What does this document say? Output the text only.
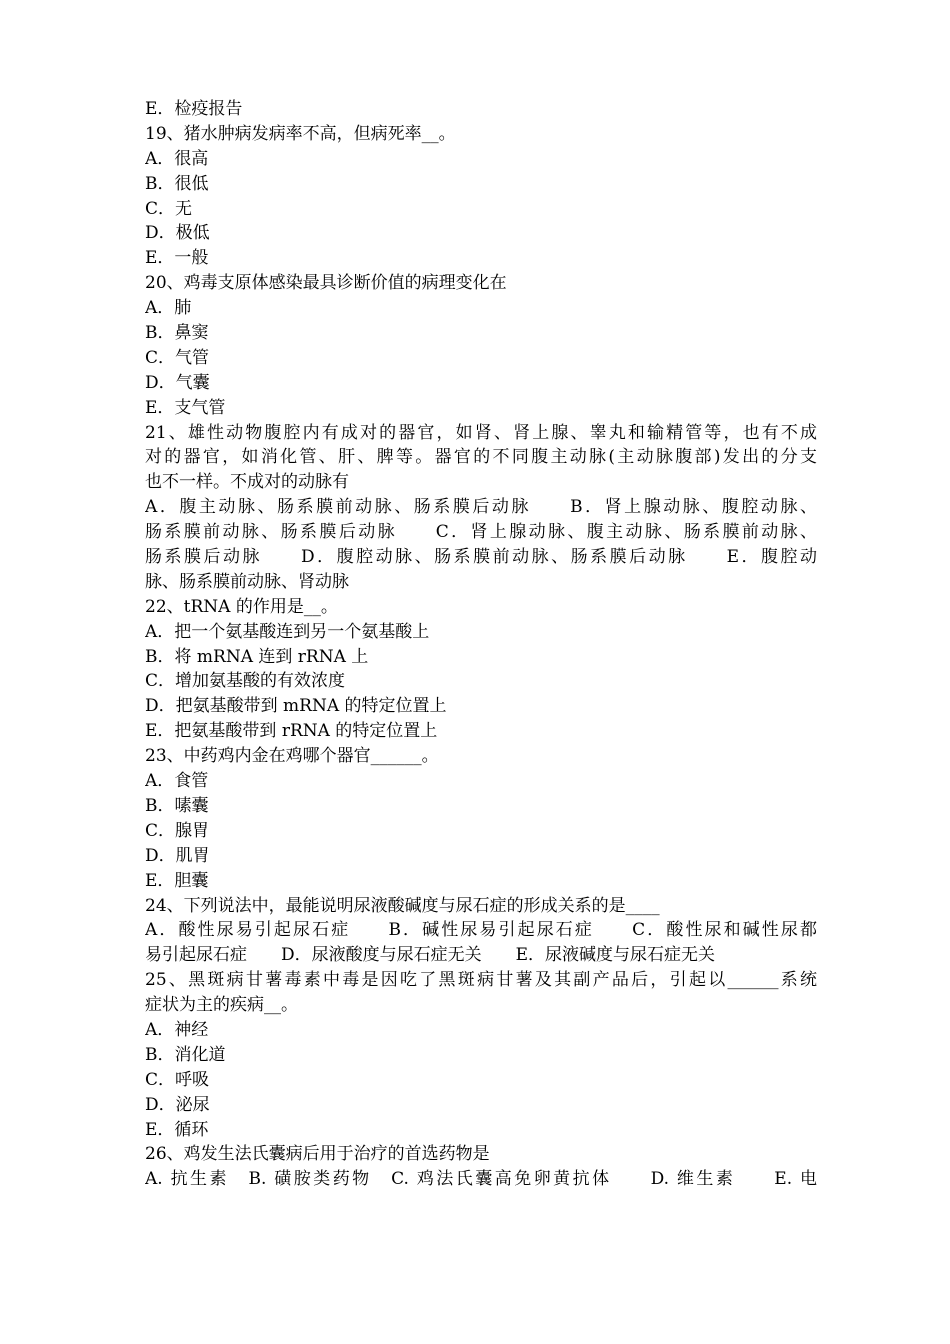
E．检疫报告
19、猪水肿病发病率不高，但病死率__。
A．很高
B．很低
C．无
D．极低
E．一般
20、鸡毒支原体感染最具诊断价值的病理变化在
A．肺
B．鼻窦
C．气管
D．气囊
E．支气管
21、雄性动物腹腔内有成对的器官，如肾、肾上腺、睾丸和输精管等，也有不成
对的器官，如消化管、肝、脾等。器官的不同腹主动脉(主动脉腹部)发出的分支
也不一样。不成对的动脉有
A．腹主动脉、肠系膜前动脉、肠系膜后动脉　　B．肾上腺动脉、腹腔动脉、
肠系膜前动脉、肠系膜后动脉　　C．肾上腺动脉、腹主动脉、肠系膜前动脉、
肠系膜后动脉　　D．腹腔动脉、肠系膜前动脉、肠系膜后动脉　　E．腹腔动
脉、肠系膜前动脉、肾动脉
22、tRNA 的作用是__。
A．把一个氨基酸连到另一个氨基酸上
B．将 mRNA 连到 rRNA 上
C．增加氨基酸的有效浓度
D．把氨基酸带到 mRNA 的特定位置上
E．把氨基酸带到 rRNA 的特定位置上
23、中药鸡内金在鸡哪个器官______。
A．食管
B．嗉囊
C．腺胃
D．肌胃
E．胆囊
24、下列说法中，最能说明尿液酸碱度与尿石症的形成关系的是____
A．酸性尿易引起尿石症　　B．碱性尿易引起尿石症　　C．酸性尿和碱性尿都
易引起尿石症　　D．尿液酸度与尿石症无关　　E．尿液碱度与尿石症无关
25、黑斑病甘薯毒素中毒是因吃了黑斑病甘薯及其副产品后，引起以______系统
症状为主的疾病__。
A．神经
B．消化道
C．呼吸
D．泌尿
E．循环
26、鸡发生法氏囊病后用于治疗的首选药物是
A. 抗生素　B. 磺胺类药物　C. 鸡法氏囊高免卵黄抗体　　D. 维生素　　E. 电
